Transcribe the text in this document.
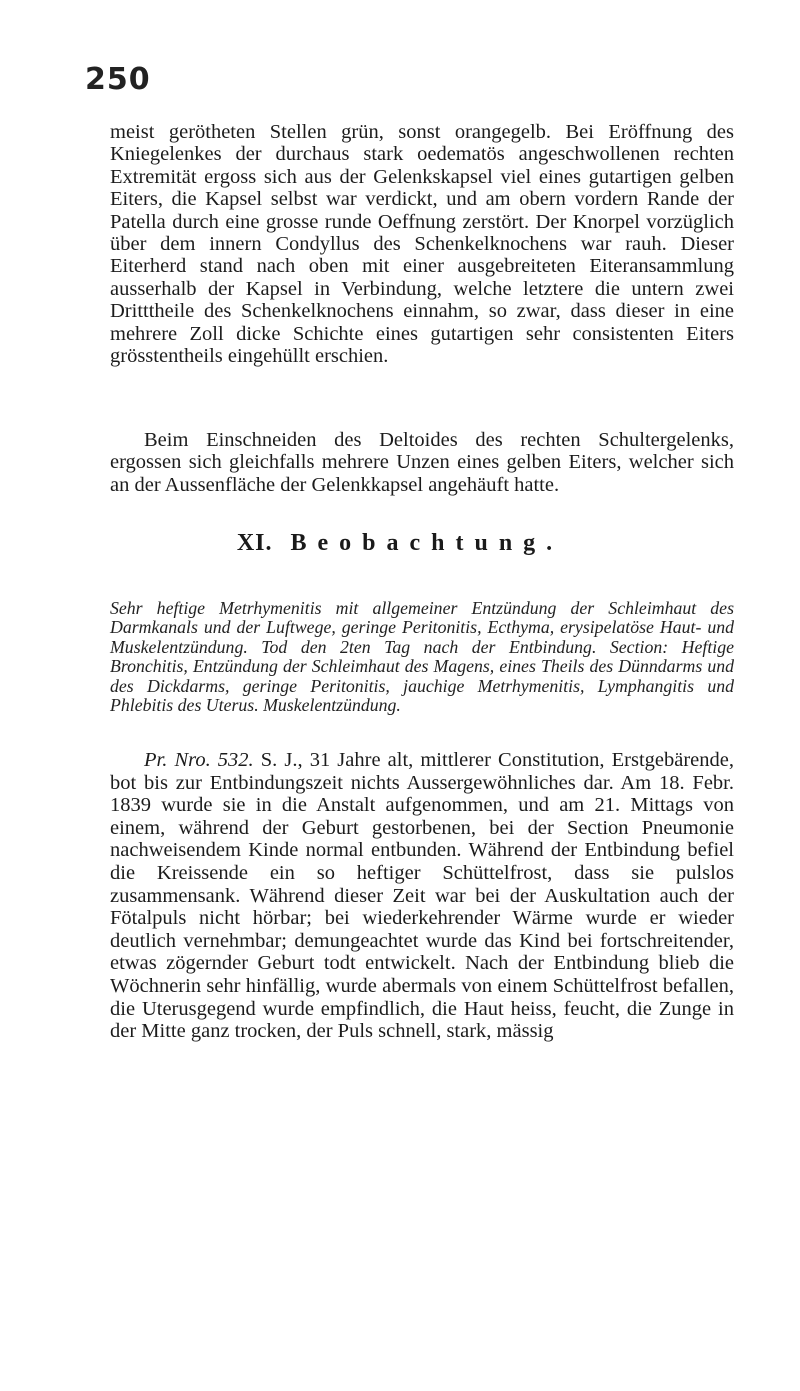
250

meist gerötheten Stellen grün, sonst orangegelb. Bei Eröffnung des Kniegelenkes der durchaus stark oedematös angeschwollenen rechten Extremität ergoss sich aus der Gelenkskapsel viel eines gutartigen gelben Eiters, die Kapsel selbst war verdickt, und am obern vordern Rande der Patella durch eine grosse runde Oeffnung zerstört. Der Knorpel vorzüglich über dem innern Condyllus des Schenkelknochens war rauh. Dieser Eiterherd stand nach oben mit einer ausgebreiteten Eiteransammlung ausserhalb der Kapsel in Verbindung, welche letztere die untern zwei Dritttheile des Schenkelknochens einnahm, so zwar, dass dieser in eine mehrere Zoll dicke Schichte eines gutartigen sehr consistenten Eiters grösstentheils eingehüllt erschien.

Beim Einschneiden des Deltoides des rechten Schultergelenks, ergossen sich gleichfalls mehrere Unzen eines gelben Eiters, welcher sich an der Aussenfläche der Gelenkkapsel angehäuft hatte.

XI. Beobachtung.

Sehr heftige Metrhymenitis mit allgemeiner Entzündung der Schleimhaut des Darmkanals und der Luftwege, geringe Peritonitis, Ecthyma, erysipelatöse Haut- und Muskelentzündung. Tod den 2ten Tag nach der Entbindung. Section: Heftige Bronchitis, Entzündung der Schleimhaut des Magens, eines Theils des Dünndarms und des Dickdarms, geringe Peritonitis, jauchige Metrhymenitis, Lymphangitis und Phlebitis des Uterus. Muskelentzündung.

Pr. Nro. 532. S. J., 31 Jahre alt, mittlerer Constitution, Erstgebärende, bot bis zur Entbindungszeit nichts Aussergewöhnliches dar. Am 18. Febr. 1839 wurde sie in die Anstalt aufgenommen, und am 21. Mittags von einem, während der Geburt gestorbenen, bei der Section Pneumonie nachweisendem Kinde normal entbunden. Während der Entbindung befiel die Kreissende ein so heftiger Schüttelfrost, dass sie pulslos zusammensank. Während dieser Zeit war bei der Auskultation auch der Fötalpuls nicht hörbar; bei wiederkehrender Wärme wurde er wieder deutlich vernehmbar; demungeachtet wurde das Kind bei fortschreitender, etwas zögernder Geburt todt entwickelt. Nach der Entbindung blieb die Wöchnerin sehr hinfällig, wurde abermals von einem Schüttelfrost befallen, die Uterusgegend wurde empfindlich, die Haut heiss, feucht, die Zunge in der Mitte ganz trocken, der Puls schnell, stark, mässig
